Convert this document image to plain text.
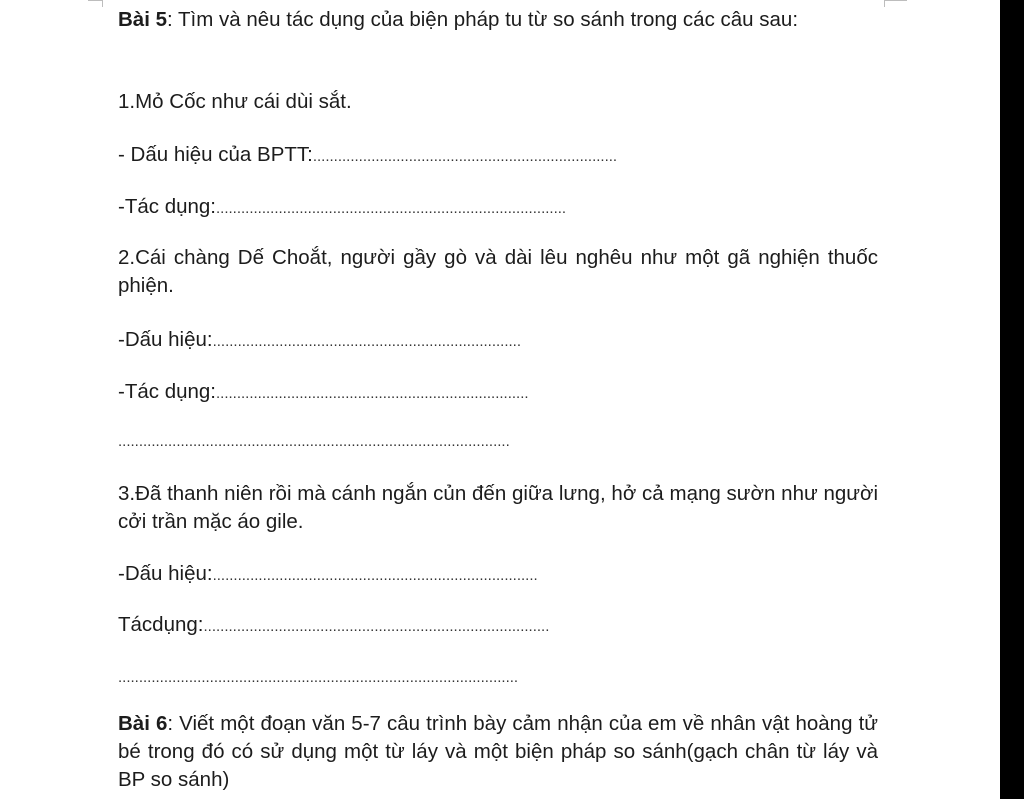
Bài 5: Tìm và nêu tác dụng của biện pháp tu từ so sánh trong các câu sau:

1.Mỏ Cốc như cái dùi sắt.

- Dấu hiệu của BPTT:.........................................................................

-Tác dụng:....................................................................................

2.Cái chàng Dế Choắt, người gầy gò và dài lêu nghêu như một gã nghiện thuốc phiện.

-Dấu hiệu:..........................................................................

-Tác dụng:...........................................................................

..............................................................................................

3.Đã thanh niên rồi mà cánh ngắn củn đến giữa lưng, hở cả mạng sườn như người cởi trần mặc áo gile.

-Dấu hiệu:..............................................................................

Tácdụng:...................................................................................

................................................................................................

Bài 6: Viết một đoạn văn 5-7 câu trình bày cảm nhận của em về nhân vật hoàng tử bé trong đó có sử dụng một từ láy và một biện pháp so sánh(gạch chân từ láy và BP so sánh)
